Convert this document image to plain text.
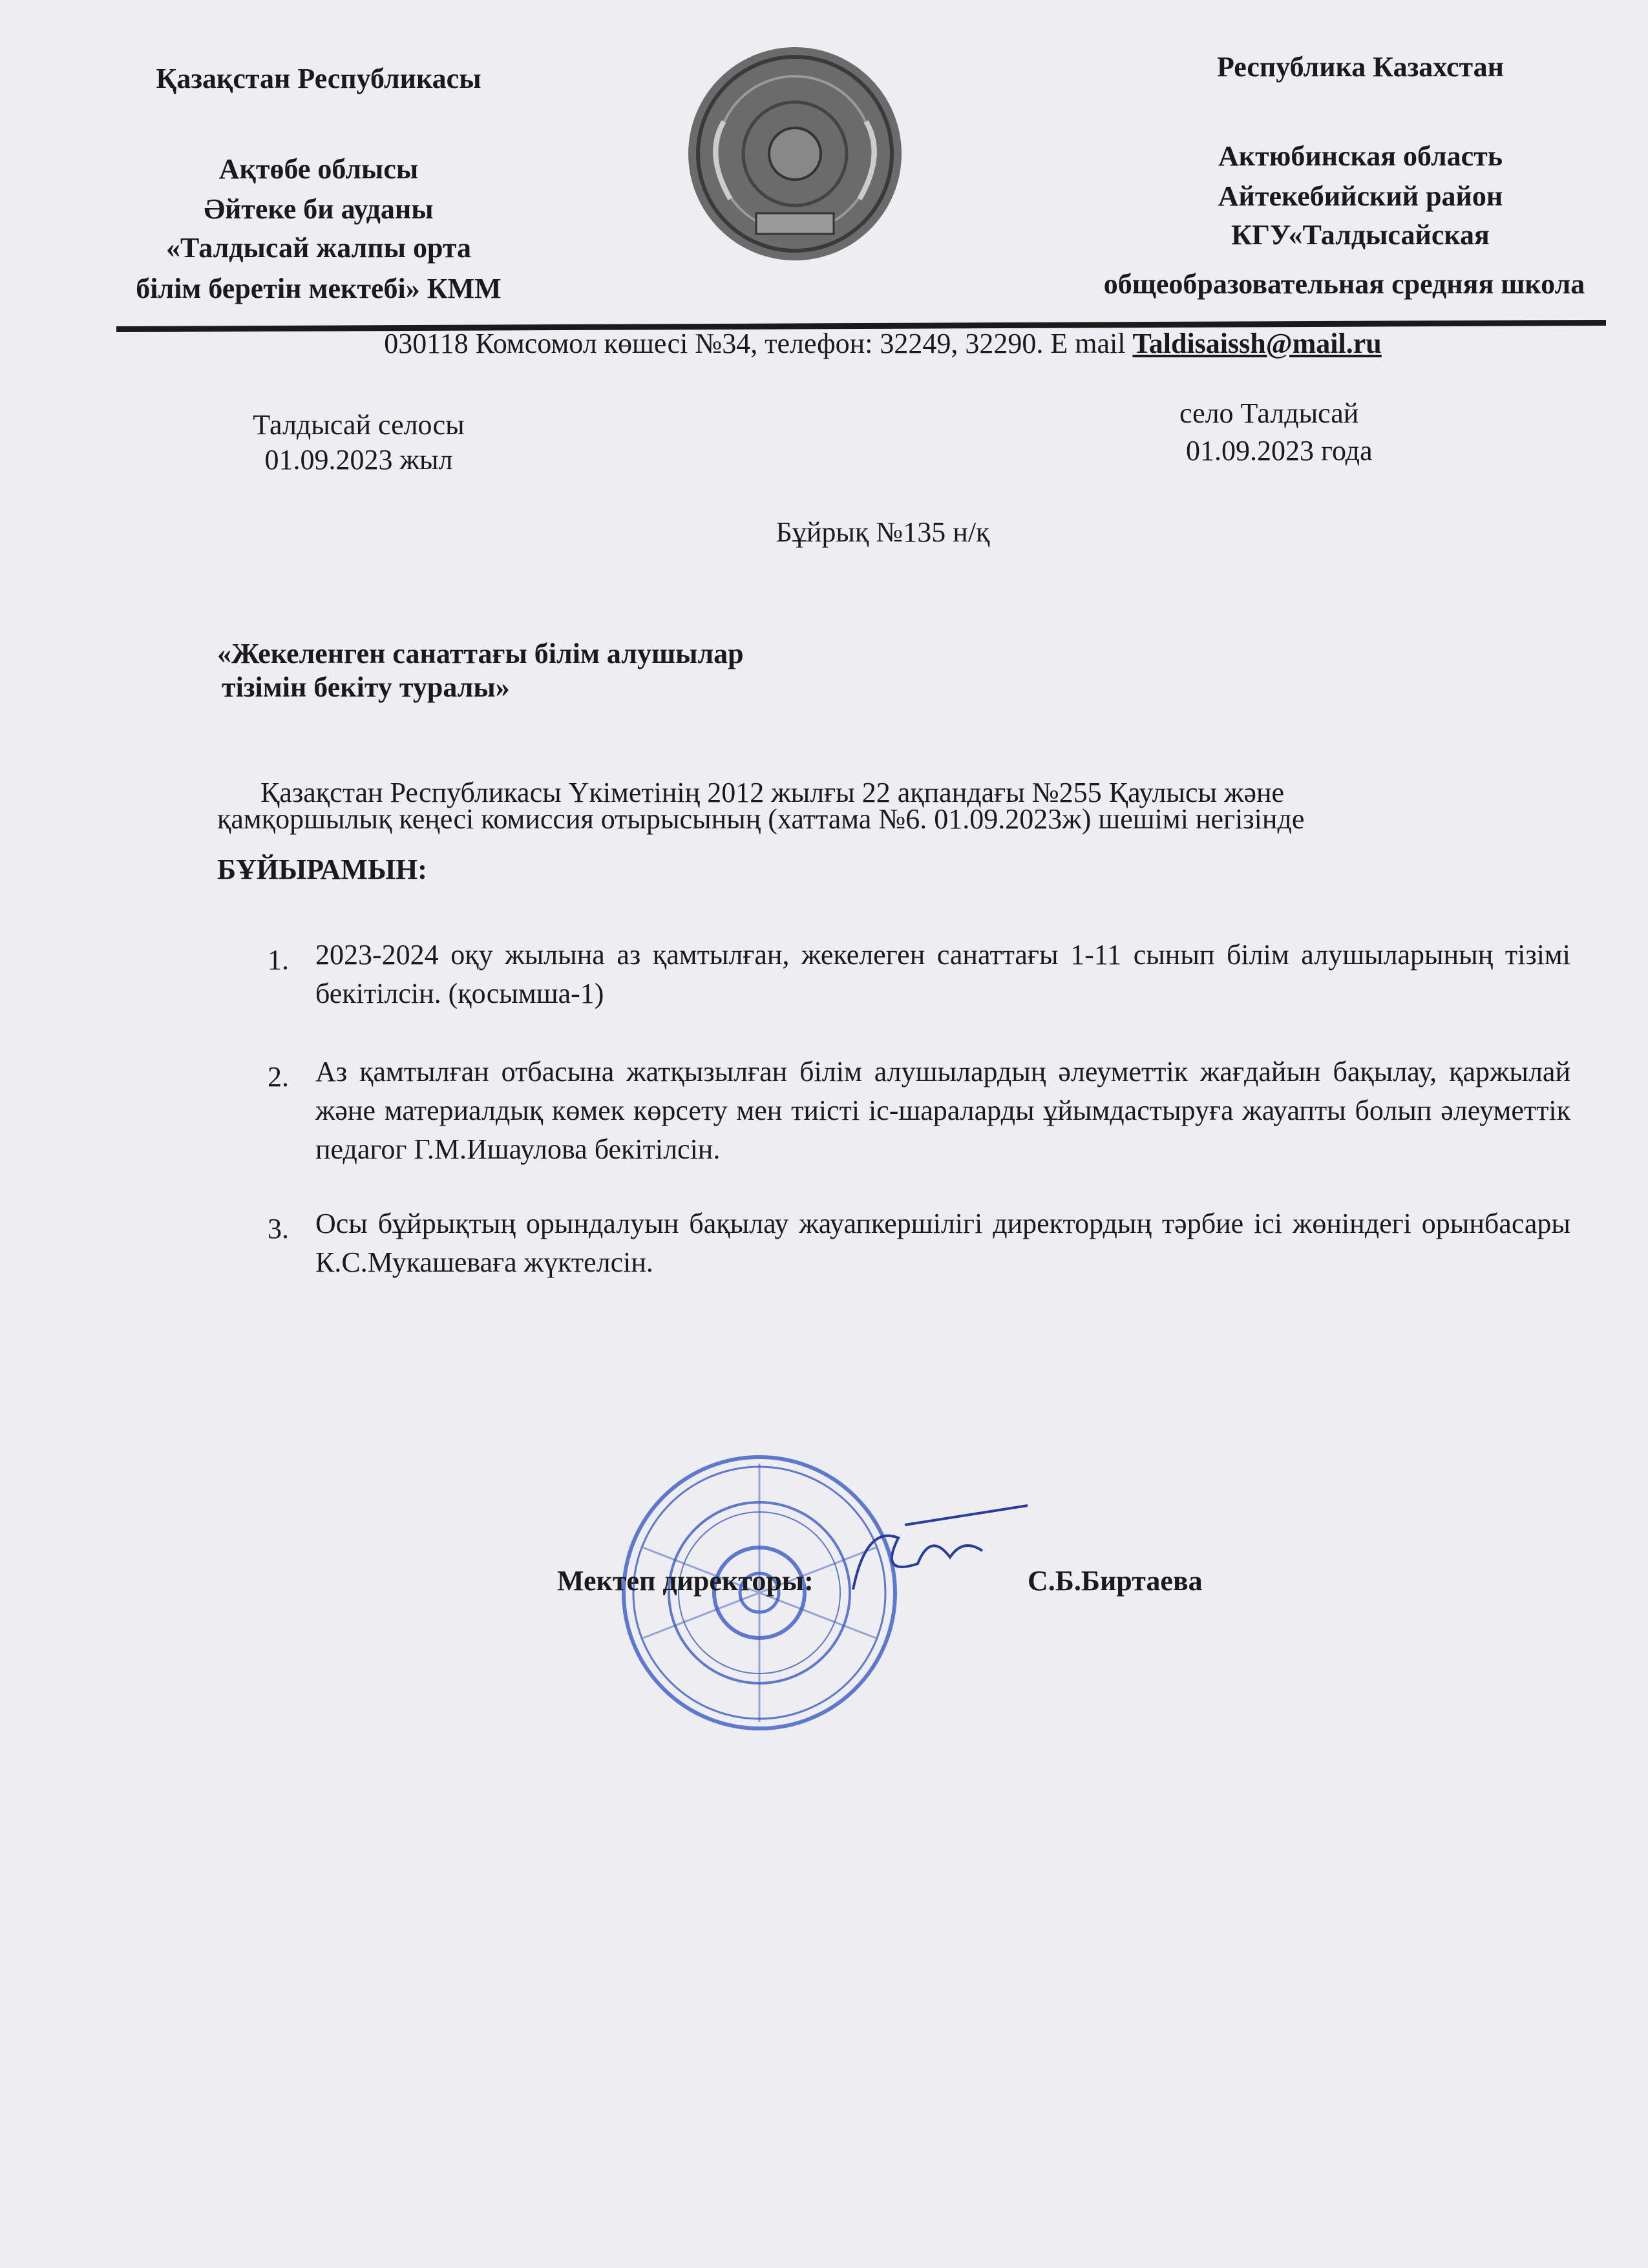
Қазақстан Республикасы
Ақтөбе облысы
Әйтеке би ауданы
«Талдысай жалпы орта
білім беретін мектебі» КММ
Республика Казахстан
Актюбинская область
Айтекебийский район
КГУ«Талдысайская
общеобразовательная средняя школа
030118 Комсомол көшесі №34, телефон: 32249, 32290. E mail Taldisaissh@mail.ru
Талдысай селосы
01.09.2023 жыл
село Талдысай
01.09.2023 года
Бұйрық №135 н/қ
«Жекеленген санаттағы білім алушылар
тізімін бекіту туралы»
Қазақстан Республикасы Үкіметінің 2012 жылғы 22 ақпандағы №255 Қаулысы және
қамқоршылық кеңесі комиссия отырысының (хаттама №6. 01.09.2023ж) шешімі негізінде
БҰЙЫРАМЫН:
1. 2023-2024 оқу жылына аз қамтылған, жекелеген санаттағы 1-11 сынып білім алушыларының тізімі бекітілсін. (қосымша-1)
2. Аз қамтылған отбасына жатқызылған білім алушылардың әлеуметтік жағдайын бақылау, қаржылай және материалдық көмек көрсету мен тиісті іс-шараларды ұйымдастыруға жауапты болып әлеуметтік педагог Г.М.Ишаулова бекітілсін.
3. Осы бұйрықтың орындалуын бақылау жауапкершілігі директордың тәрбие ісі жөніндегі орынбасары К.С.Мукашеваға жүктелсін.
Мектеп директоры:	С.Б.Биртаева
